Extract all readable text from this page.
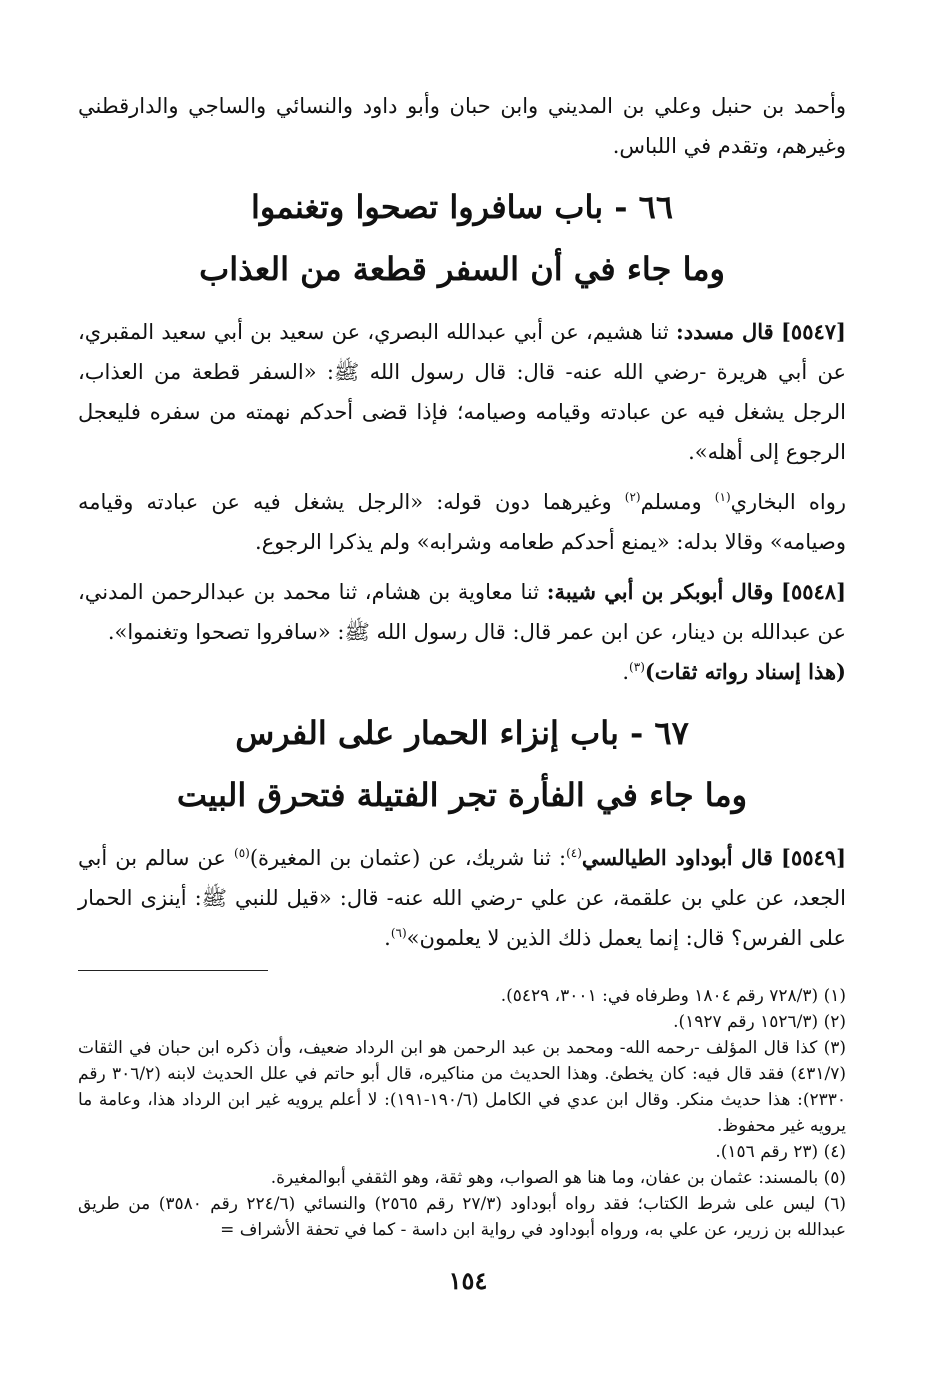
وأحمد بن حنبل وعلي بن المديني وابن حبان وأبو داود والنسائي والساجي والدارقطني وغيرهم، وتقدم في اللباس.

٦٦ - باب سافروا تصحوا وتغنموا

وما جاء في أن السفر قطعة من العذاب

[٥٥٤٧] قال مسدد: ثنا هشيم، عن أبي عبدالله البصري، عن سعيد بن أبي سعيد المقبري، عن أبي هريرة -رضي الله عنه- قال: قال رسول الله ﷺ: «السفر قطعة من العذاب، الرجل يشغل فيه عن عبادته وقيامه وصيامه؛ فإذا قضى أحدكم نهمته من سفره فليعجل الرجوع إلى أهله».

رواه البخاري$^{(١)}$ ومسلم$^{(٢)}$ وغيرهما دون قوله: «الرجل يشغل فيه عن عبادته وقيامه وصيامه» وقالا بدله: «يمنع أحدكم طعامه وشرابه» ولم يذكرا الرجوع.

[٥٥٤٨] وقال أبوبكر بن أبي شيبة: ثنا معاوية بن هشام، ثنا محمد بن عبدالرحمن المدني، عن عبدالله بن دينار، عن ابن عمر قال: قال رسول الله ﷺ: «سافروا تصحوا وتغنموا».
(هذا إسناد رواته ثقات)$^{(٣)}$.

٦٧ - باب إنزاء الحمار على الفرس

وما جاء في الفأرة تجر الفتيلة فتحرق البيت

[٥٥٤٩] قال أبوداود الطيالسي$^{(٤)}$: ثنا شريك، عن (عثمان بن المغيرة)$^{(٥)}$ عن سالم بن أبي الجعد، عن علي بن علقمة، عن علي -رضي الله عنه- قال: «قيل للنبي ﷺ: أينزى الحمار على الفرس؟ قال: إنما يعمل ذلك الذين لا يعلمون»$^{(٦)}$.

(١) (٧٢٨/٣ رقم ١٨٠٤ وطرفاه في: ٣٠٠١، ٥٤٢٩).

(٢) (١٥٢٦/٣ رقم ١٩٢٧).

(٣) كذا قال المؤلف -رحمه الله- ومحمد بن عبد الرحمن هو ابن الرداد ضعيف، وأن ذكره ابن حبان في الثقات (٤٣١/٧) فقد قال فيه: كان يخطئ. وهذا الحديث من مناكيره، قال أبو حاتم في علل الحديث لابنه (٣٠٦/٢ رقم ٢٣٣٠): هذا حديث منكر. وقال ابن عدي في الكامل (١٩٠/٦-١٩١): لا أعلم يرويه غير ابن الرداد هذا، وعامة ما يرويه غير محفوظ.

(٤) (٢٣ رقم ١٥٦).

(٥) بالمسند: عثمان بن عفان، وما هنا هو الصواب، وهو ثقة، وهو الثقفي أبوالمغيرة.

(٦) ليس على شرط الكتاب؛ فقد رواه أبوداود (٢٧/٣ رقم ٢٥٦٥) والنسائي (٢٢٤/٦ رقم ٣٥٨٠) من طريق عبدالله بن زرير، عن علي به، ورواه أبوداود في رواية ابن داسة - كما في تحفة الأشراف =

١٥٤
